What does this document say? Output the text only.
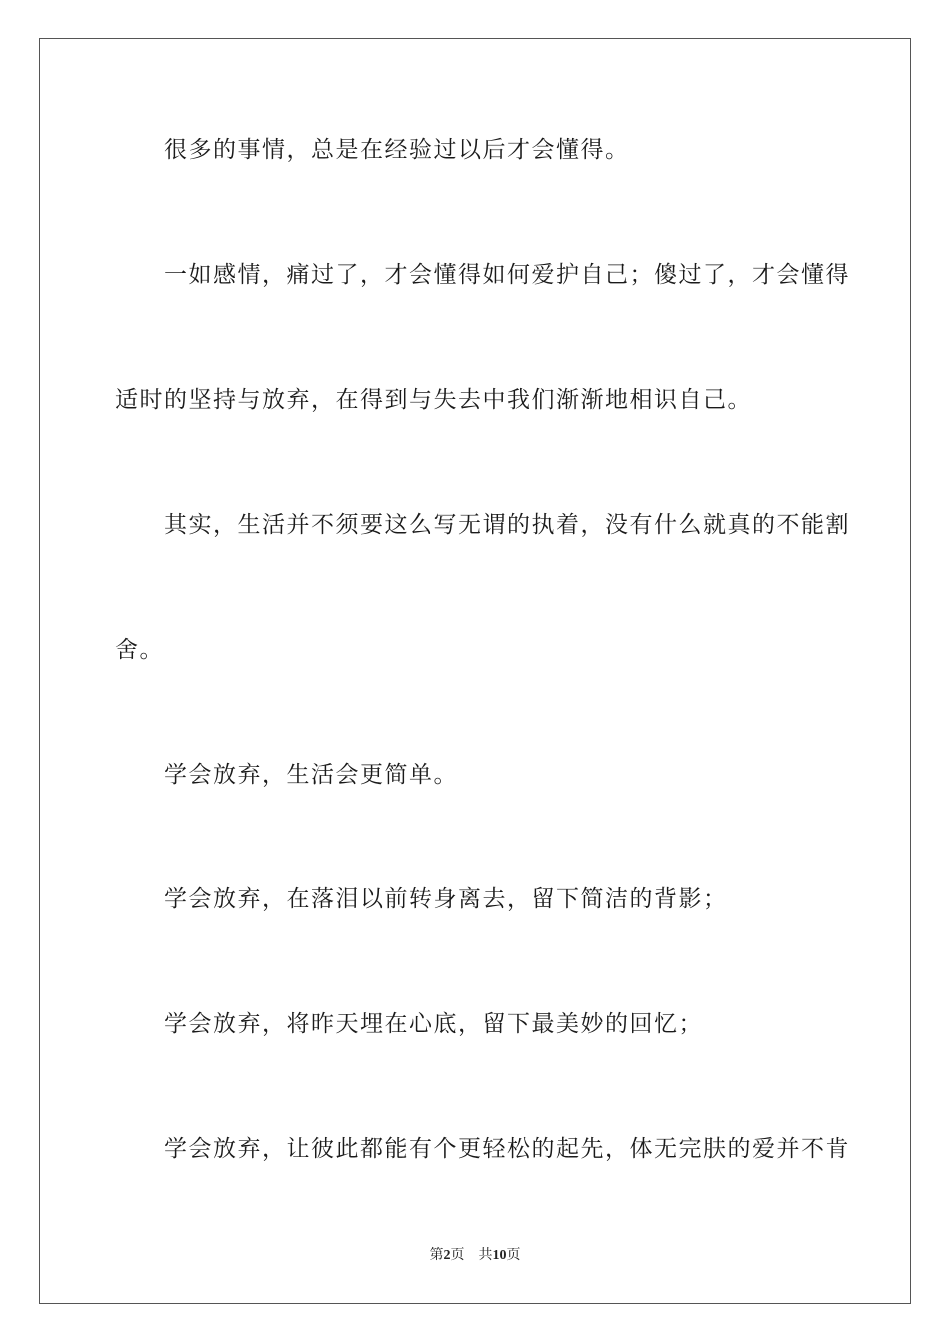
很多的事情，总是在经验过以后才会懂得。
一如感情，痛过了，才会懂得如何爱护自己；傻过了，才会懂得
适时的坚持与放弃，在得到与失去中我们渐渐地相识自己。
其实，生活并不须要这么写无谓的执着，没有什么就真的不能割
舍。
学会放弃，生活会更简单。
学会放弃，在落泪以前转身离去，留下简洁的背影；
学会放弃，将昨天埋在心底，留下最美妙的回忆；
学会放弃，让彼此都能有个更轻松的起先，体无完肤的爱并不肯
第2页 共10页
